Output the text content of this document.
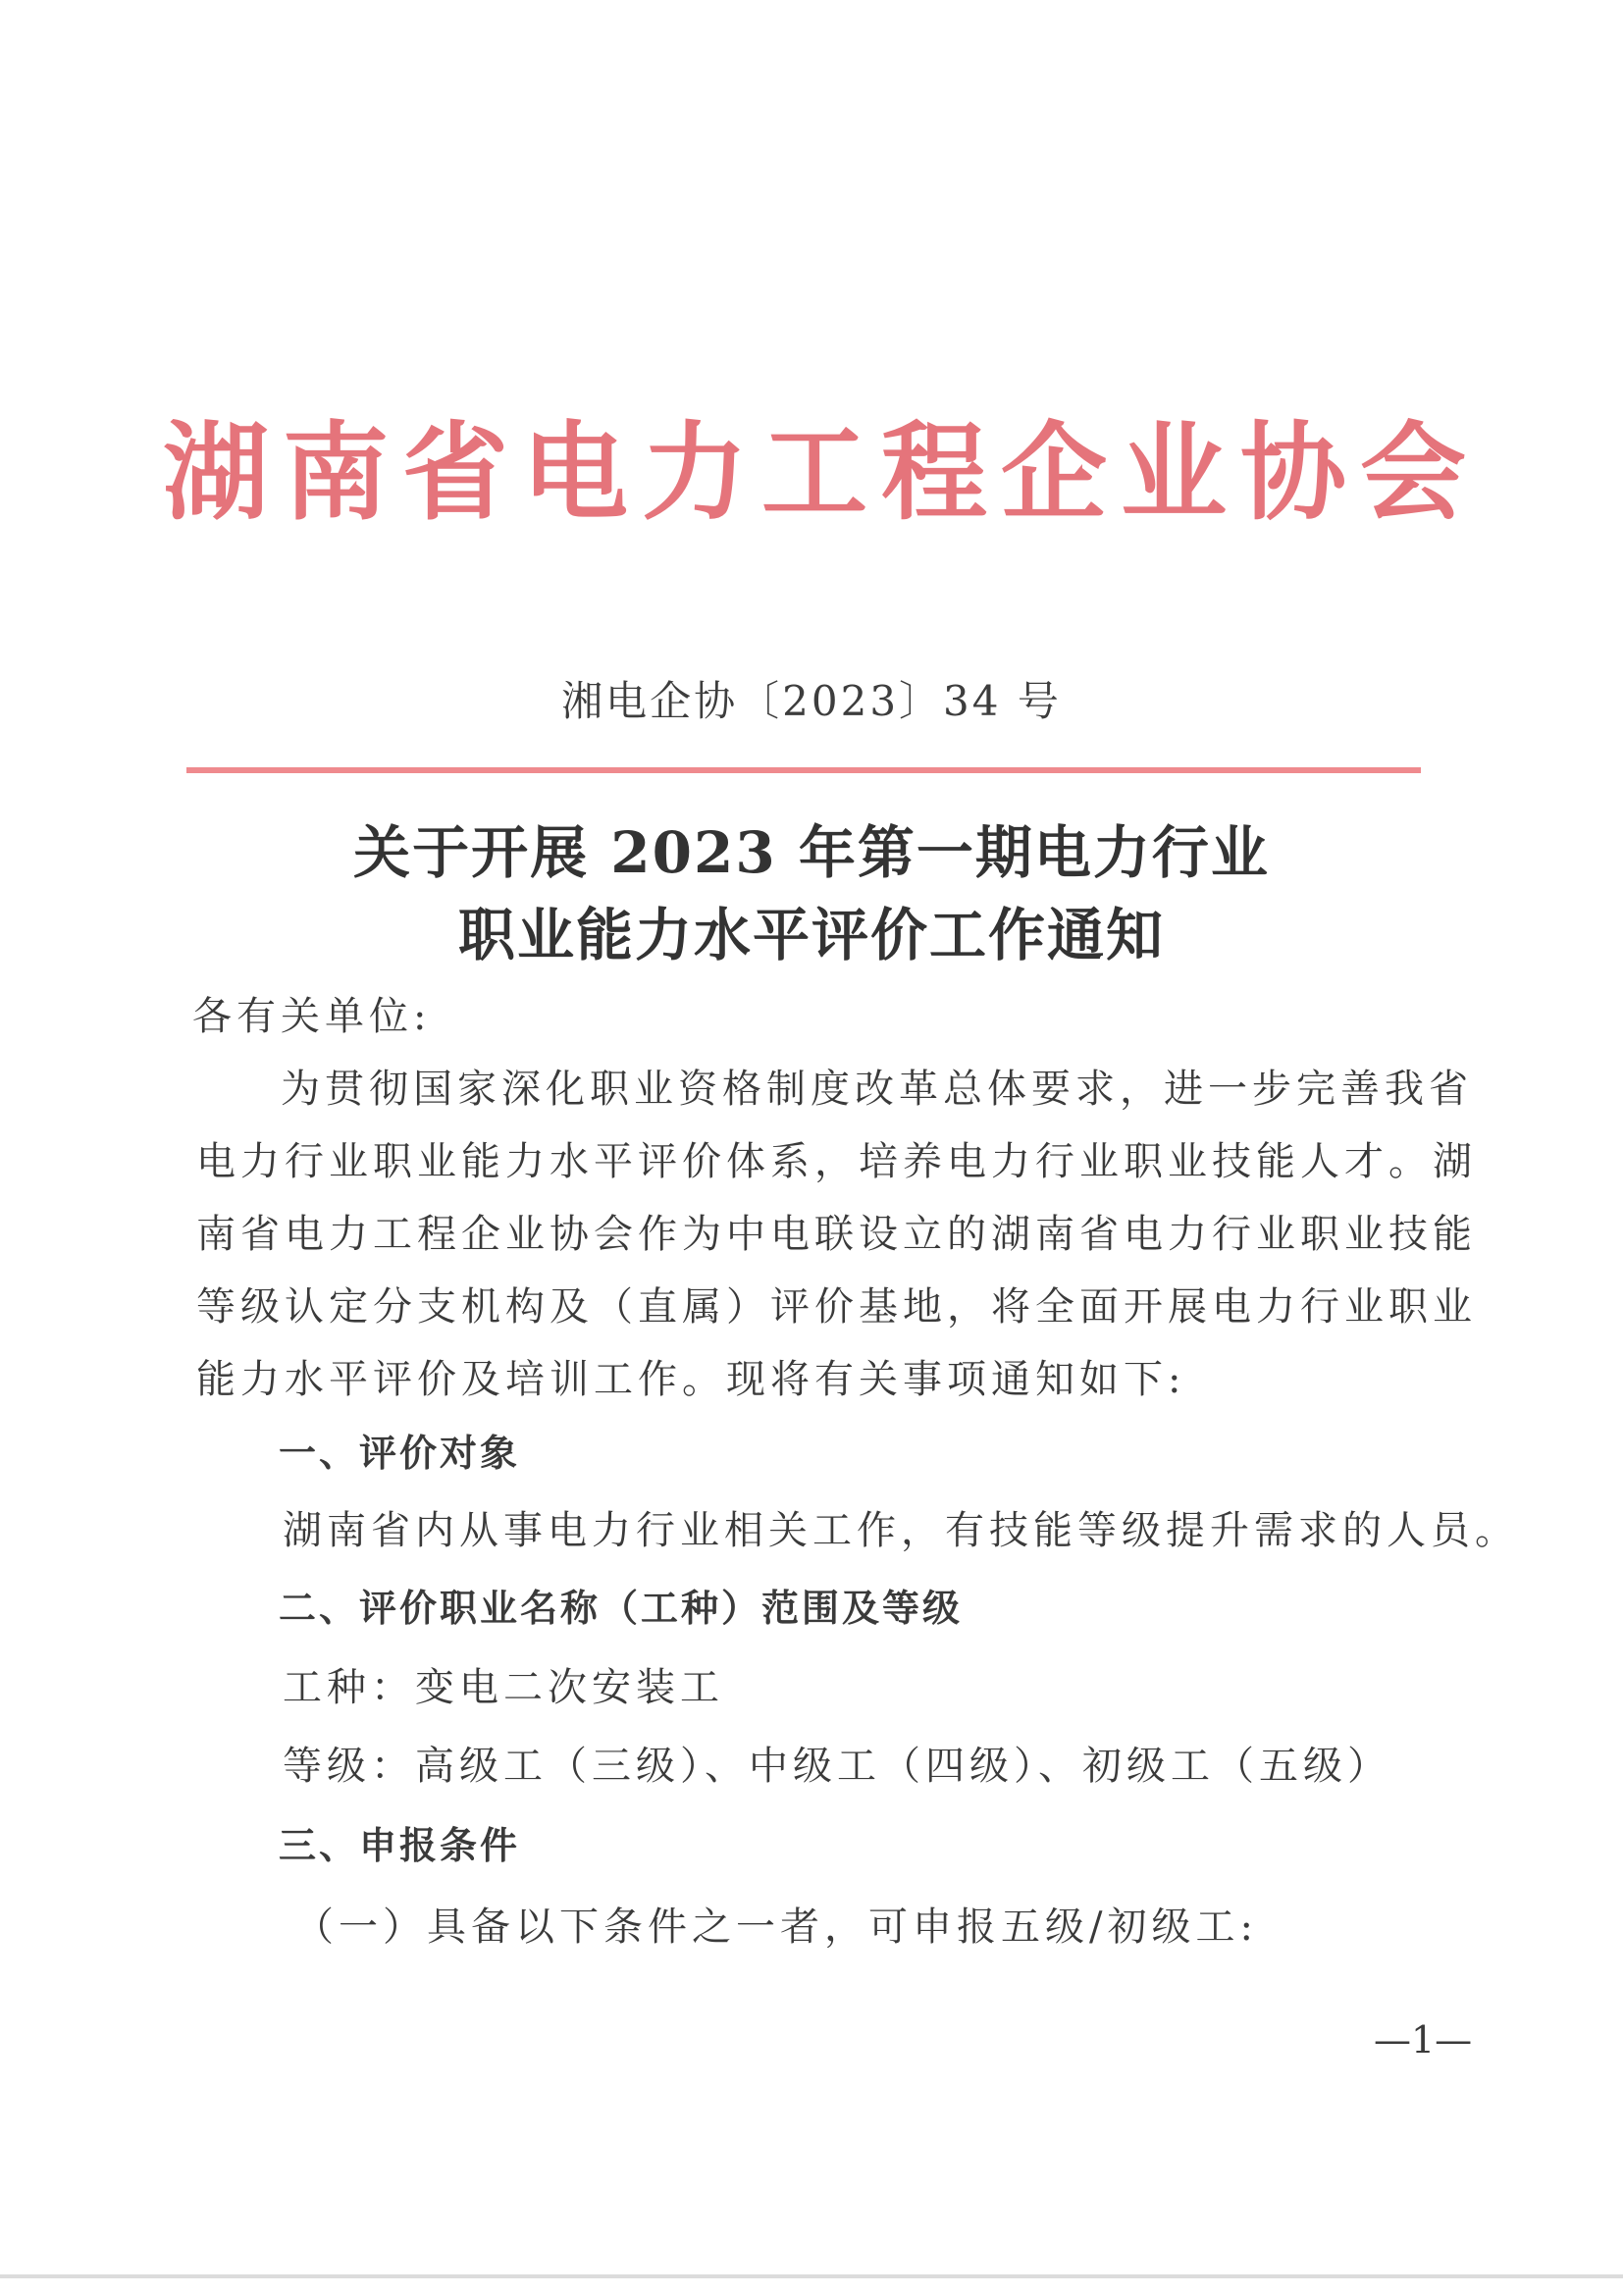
湖南省电力工程企业协会
湘电企协〔2023〕34 号
关于开展 2023 年第一期电力行业
职业能力水平评价工作通知
各有关单位:
为贯彻国家深化职业资格制度改革总体要求，进一步完善我省
电力行业职业能力水平评价体系，培养电力行业职业技能人才。湖
南省电力工程企业协会作为中电联设立的湖南省电力行业职业技能
等级认定分支机构及（直属）评价基地，将全面开展电力行业职业
能力水平评价及培训工作。现将有关事项通知如下:
一、评价对象
湖南省内从事电力行业相关工作，有技能等级提升需求的人员。
二、评价职业名称（工种）范围及等级
工种：变电二次安装工
等级：高级工（三级）、中级工（四级）、初级工（五级）
三、申报条件
（一）具备以下条件之一者，可申报五级/初级工:
—1—
